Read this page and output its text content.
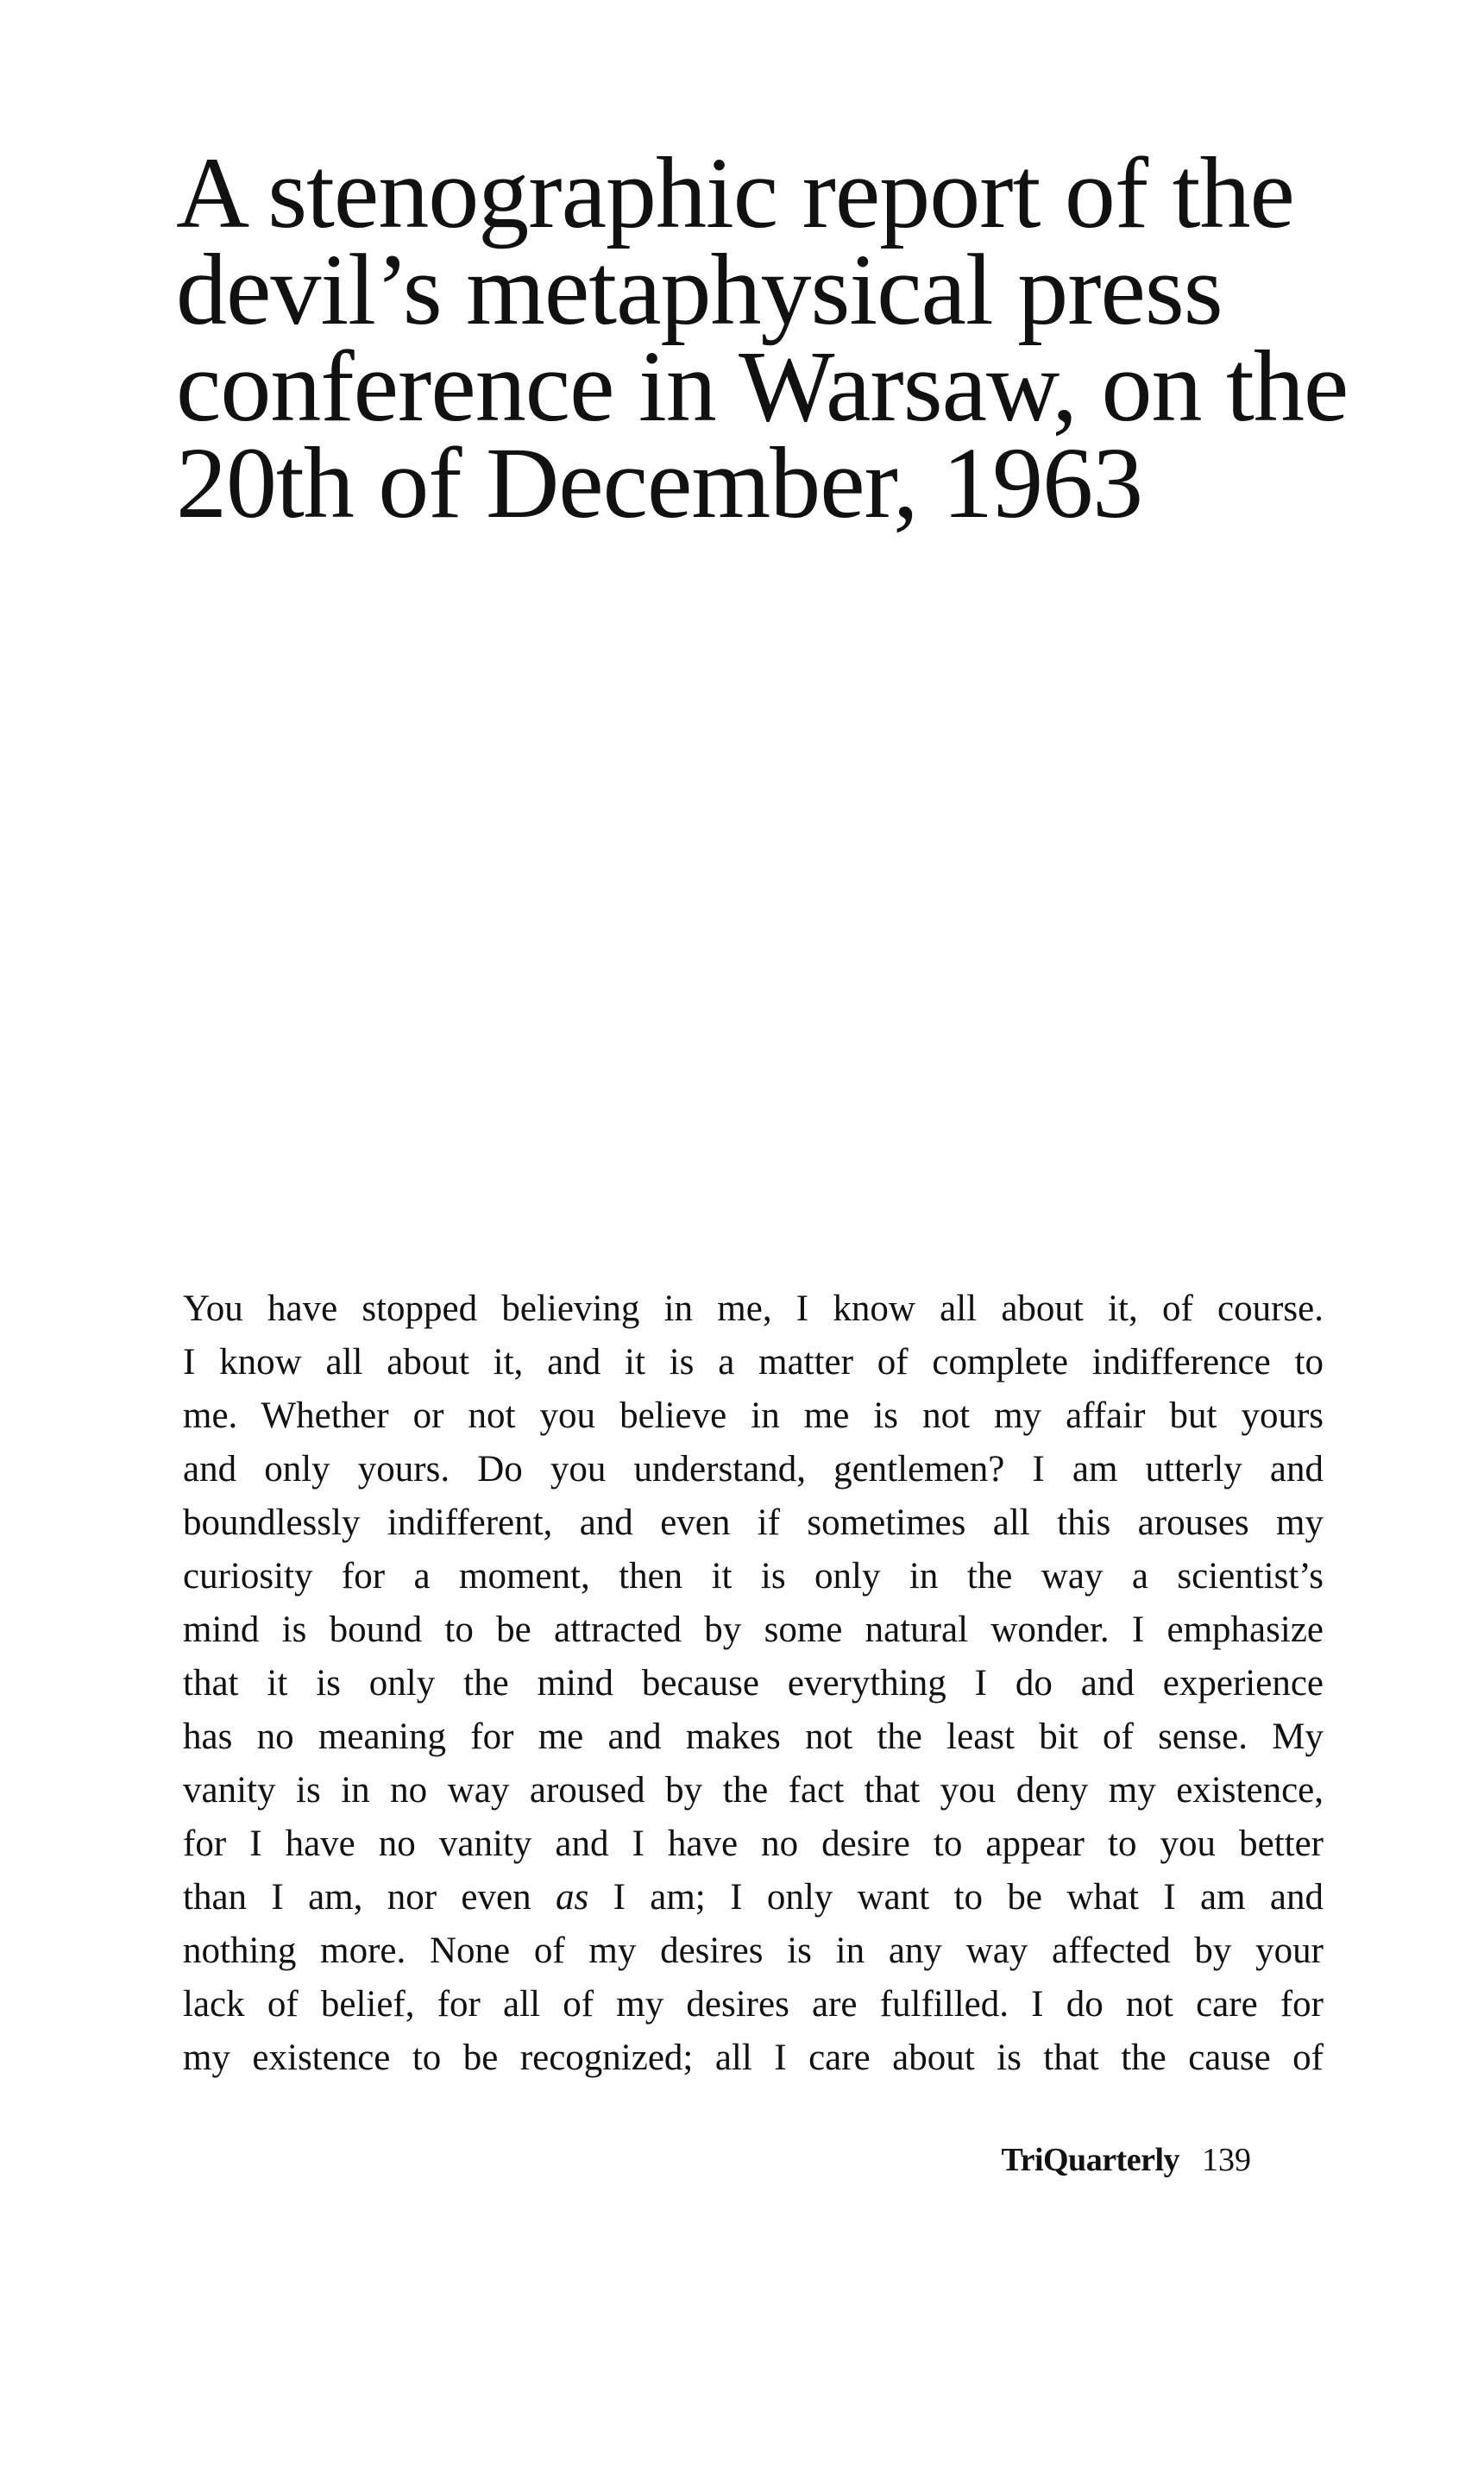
A stenographic report of the
devil’s metaphysical press
conference in Warsaw, on the
20th of December, 1963
You have stopped believing in me, I know all about it, of course.
I know all about it, and it is a matter of complete indifference to
me. Whether or not you believe in me is not my affair but yours
and only yours. Do you understand, gentlemen? I am utterly and
boundlessly indifferent, and even if sometimes all this arouses my
curiosity for a moment, then it is only in the way a scientist’s
mind is bound to be attracted by some natural wonder. I emphasize
that it is only the mind because everything I do and experience
has no meaning for me and makes not the least bit of sense. My
vanity is in no way aroused by the fact that you deny my existence,
for I have no vanity and I have no desire to appear to you better
than I am, nor even as I am; I only want to be what I am and
nothing more. None of my desires is in any way affected by your
lack of belief, for all of my desires are fulfilled. I do not care for
my existence to be recognized; all I care about is that the cause of
TriQuarterly 139
